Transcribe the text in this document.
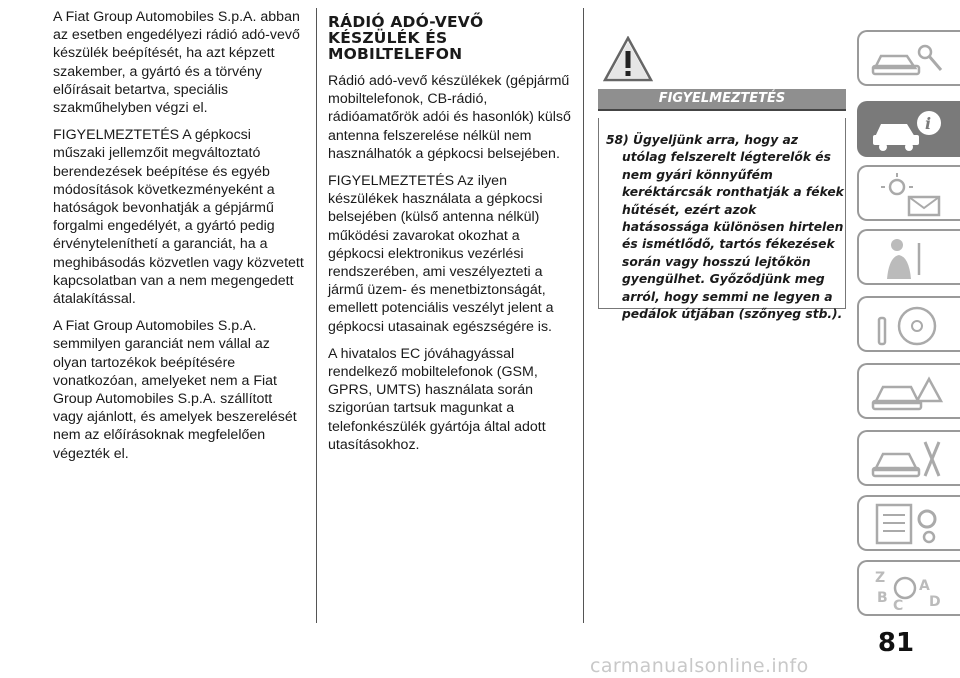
A Fiat Group Automobiles S.p.A. abban az esetben engedélyezi rádió adó-vevő készülék beépítését, ha azt képzett szakember, a gyártó és a törvény előírásait betartva, speciális szakműhelyben végzi el.

FIGYELMEZTETÉS A gépkocsi műszaki jellemzőit megváltoztató berendezések beépítése és egyéb módosítások következményeként a hatóságok bevonhatják a gépjármű forgalmi engedélyét, a gyártó pedig érvényteleníthetí a garanciát, ha a meghibásodás közvetlen vagy közvetett kapcsolatban van a nem megengedett átalakítással.

A Fiat Group Automobiles S.p.A. semmilyen garanciát nem vállal az olyan tartozékok beépítésére vonatkozóan, amelyeket nem a Fiat Group Automobiles S.p.A. szállított vagy ajánlott, és amelyek beszerelését nem az előírásoknak megfelelően végezték el.

RÁDIÓ ADÓ-VEVŐ
KÉSZÜLÉK ÉS
MOBILTELEFON

Rádió adó-vevő készülékek (gépjármű mobiltelefonok, CB-rádió, rádióamatőrök adói és hasonlók) külső antenna felszerelése nélkül nem használhatók a gépkocsi belsejében.

FIGYELMEZTETÉS Az ilyen készülékek használata a gépkocsi belsejében (külső antenna nélkül) működési zavarokat okozhat a gépkocsi elektronikus vezérlési rendszerében, ami veszélyezteti a jármű üzem- és menetbiztonságát, emellett potenciális veszélyt jelent a gépkocsi utasainak egészségére is.

A hivatalos EC jóváhagyással rendelkező mobiltelefonok (GSM, GPRS, UMTS) használata során szigorúan tartsuk magunkat a telefonkészülék gyártója által adott utasításokhoz.

FIGYELMEZTETÉS
58) Ügyeljünk arra, hogy az utólag felszerelt légterelők és nem gyári könnyűfém keréktárcsák ronthatják a fékek hűtését, ezért azok hatásossága különösen hirtelen és ismétlődő, tartós fékezések során vagy hosszú lejtőkön gyengülhet. Győződjünk meg arról, hogy semmi ne legyen a pedálok útjában (szőnyeg stb.).
i
Z A
B	D
C
81
carmanualsonline.info
